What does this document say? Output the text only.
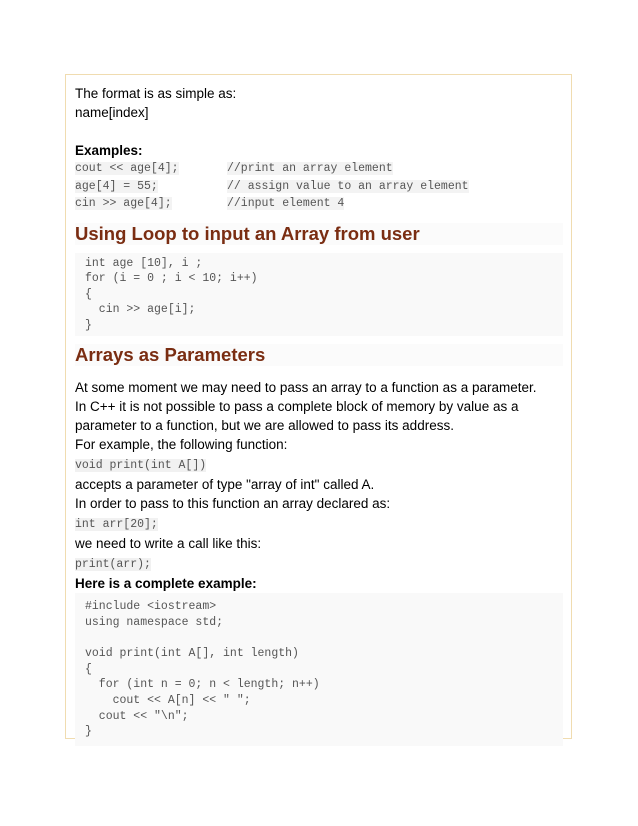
The format is as simple as:

name[index]

Examples:

cout << age[4];	//print an array element
age[4] = 55;	// assign value to an array element
cin >> age[4];	//input element 4
Using Loop to input an Array from user
int age [10], i ;
for (i = 0 ; i < 10; i++)
{
cin >> age[i];
}
Arrays as Parameters

At some moment we may need to pass an array to a function as a parameter.

In C++ it is not possible to pass a complete block of memory by value as a

parameter to a function, but we are allowed to pass its address.

For example, the following function:

void print(int A[])

accepts a parameter of type "array of int" called A.

In order to pass to this function an array declared as:

int arr[20];

we need to write a call like this:

print(arr);

Here is a complete example:

#include <iostream>
using namespace std;

void print(int A[], int length)
{
for (int n = 0; n < length; n++)
cout << A[n] << " ";
cout << "\n";
}
